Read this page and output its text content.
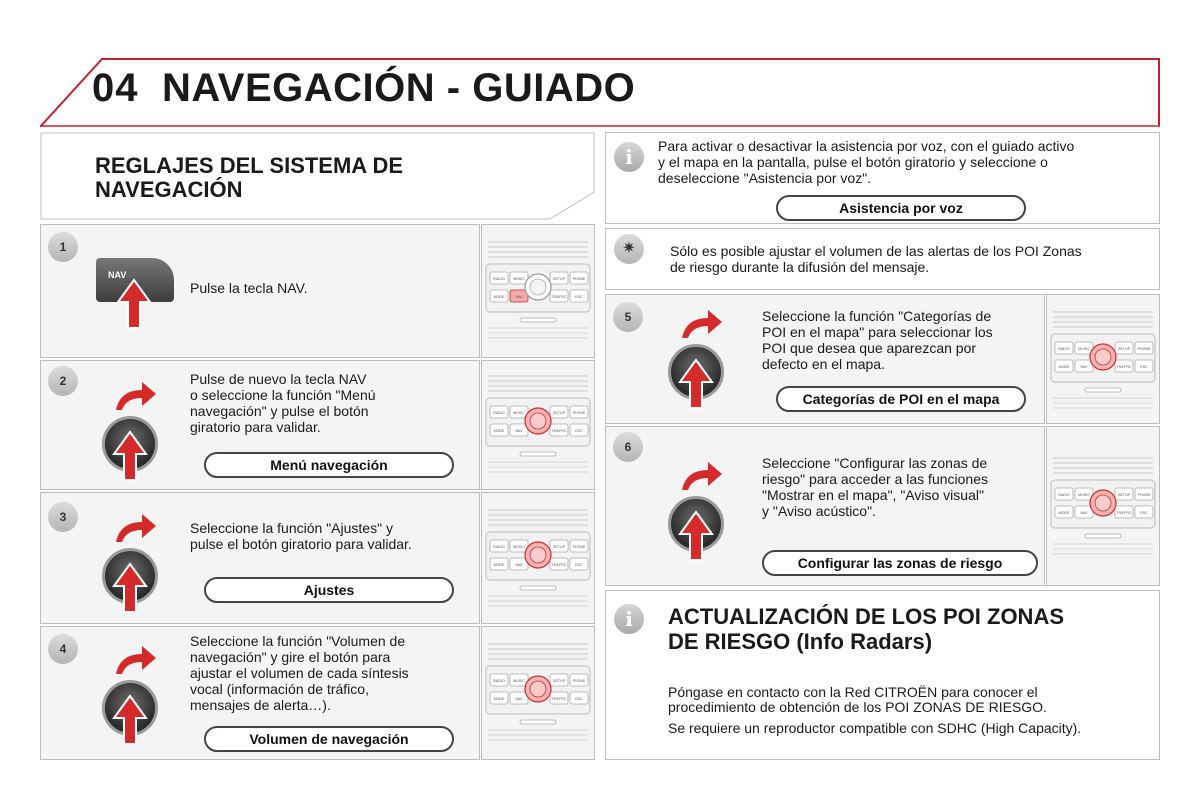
04 NAVEGACIÓN - GUIADO
REGLAJES DEL SISTEMA DE
NAVEGACIÓN
1
NAV
Pulse la tecla NAV.
2	Pulse de nuevo la tecla NAV
o seleccione la función "Menú
navegación" y pulse el botón
giratorio para validar.
Menú navegación
3
Seleccione la función "Ajustes" y
pulse el botón giratorio para validar.
Ajustes
4	Seleccione la función "Volumen de
navegación" y gire el botón para
ajustar el volumen de cada síntesis
vocal (información de tráfico,
mensajes de alerta…).
Volumen de navegación
i	Para activar o desactivar la asistencia por voz, con el guiado activo
y el mapa en la pantalla, pulse el botón giratorio y seleccione o
deseleccione "Asistencia por voz".
Asistencia por voz
✷	Sólo es posible ajustar el volumen de las alertas de los POI Zonas
de riesgo durante la difusión del mensaje.
5	Seleccione la función "Categorías de
POI en el mapa" para seleccionar los
POI que desea que aparezcan por
defecto en el mapa.
Categorías de POI en el mapa
6
Seleccione "Configurar las zonas de
riesgo" para acceder a las funciones
"Mostrar en el mapa", "Aviso visual"
y "Aviso acústico".
Configurar las zonas de riesgo
i	ACTUALIZACIÓN DE LOS POI ZONAS
DE RIESGO (Info Radars)
Póngase en contacto con la Red CITROËN para conocer el
procedimiento de obtención de los POI ZONAS DE RIESGO.
Se requiere un reproductor compatible con SDHC (High Capacity).
RADIO MUSIC	SETUP PHONE
MODE	NAV	TRAFFIC ESC
RADIO MUSIC	SETUP PHONE
MODE	NAV	TRAFFIC ESC
RADIO MUSIC	SETUP PHONE
MODE	NAV	TRAFFIC ESC
RADIO MUSIC	SETUP PHONE
MODE	NAV	TRAFFIC ESC
RADIO MUSIC	SETUP PHONE
MODE	NAV	TRAFFIC ESC
RADIO MUSIC	SETUP PHONE
MODE	NAV	TRAFFIC ESC
